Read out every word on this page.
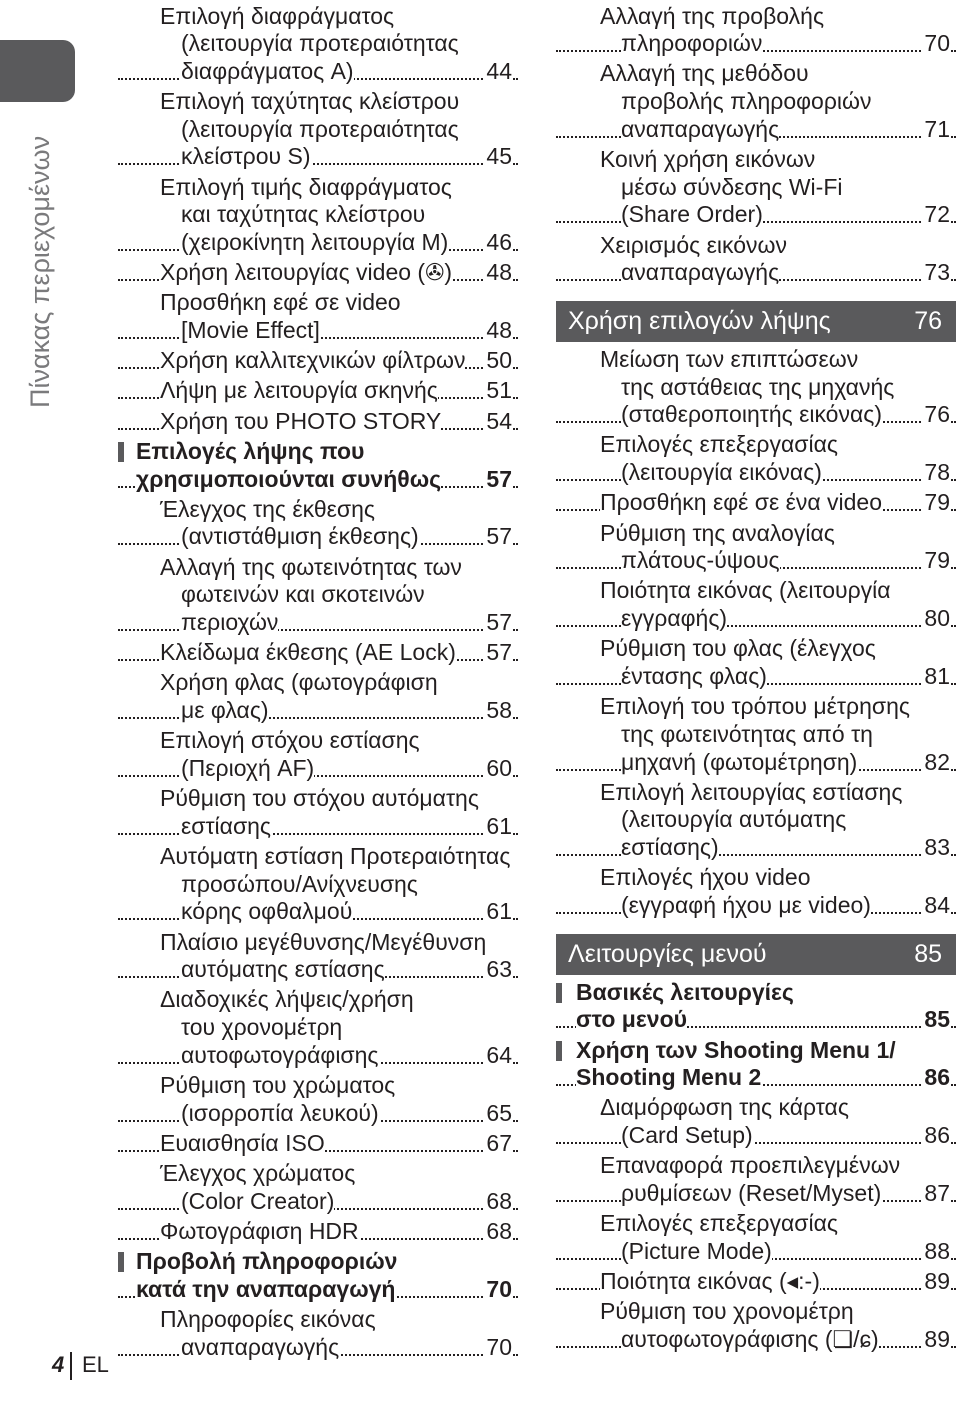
Πίνακας περιεχομένων
Επιλογή διαφράγματος
(λειτουργία προτεραιότητας
διαφράγματος A)	44
Επιλογή ταχύτητας κλείστρου
(λειτουργία προτεραιότητας
κλείστρου S)	45
Επιλογή τιμής διαφράγματος
και ταχύτητας κλείστρου
(χειροκίνητη λειτουργία M) 46
Χρήση λειτουργίας video (✇) 48
Προσθήκη εφέ σε video
[Movie Effect]	48
Χρήση καλλιτεχνικών φίλτρων 50
Λήψη με λειτουργία σκηνής 51
Χρήση του PHOTO STORY 54
Επιλογές λήψης που
χρησιμοποιούνται συνήθως 57
Έλεγχος της έκθεσης
(αντιστάθμιση έκθεσης)	57
Αλλαγή της φωτεινότητας των
φωτεινών και σκοτεινών
περιοχών	57
Κλείδωμα έκθεσης (AE Lock) 57
Χρήση φλας (φωτογράφιση
με φλας)	58
Επιλογή στόχου εστίασης
(Περιοχή AF)	60
Ρύθμιση του στόχου αυτόματης
εστίασης	61
Αυτόματη εστίαση Προτεραιότητας
προσώπου/Ανίχνευσης
κόρης οφθαλμού	61
Πλαίσιο μεγέθυνσης/Μεγέθυνση
αυτόματης εστίασης	63
Διαδοχικές λήψεις/χρήση
του χρονομέτρη
αυτοφωτογράφισης	64
Ρύθμιση του χρώματος
(ισορροπία λευκού)	65
Ευαισθησία ISO	67
Έλεγχος χρώματος
(Color Creator)	68
Φωτογράφιση HDR	68
Προβολή πληροφοριών
κατά την αναπαραγωγή	70
Πληροφορίες εικόνας
αναπαραγωγής	70
Αλλαγή της προβολής
πληροφοριών	70
Αλλαγή της μεθόδου
προβολής πληροφοριών
αναπαραγωγής	71
Κοινή χρήση εικόνων
μέσω σύνδεσης Wi-Fi
(Share Order)	72
Χειρισμός εικόνων
αναπαραγωγής	73
Χρήση επιλογών λήψης	76
Μείωση των επιπτώσεων
της αστάθειας της μηχανής
(σταθεροποιητής εικόνας) 76
Επιλογές επεξεργασίας
(λειτουργία εικόνας)	78
Προσθήκη εφέ σε ένα video 79
Ρύθμιση της αναλογίας
πλάτους-ύψους	79
Ποιότητα εικόνας (λειτουργία
εγγραφής)	80
Ρύθμιση του φλας (έλεγχος
έντασης φλας)	81
Επιλογή του τρόπου μέτρησης
της φωτεινότητας από τη
μηχανή (φωτομέτρηση)	82
Επιλογή λειτουργίας εστίασης
(λειτουργία αυτόματης
εστίασης)	83
Επιλογές ήχου video
(εγγραφή ήχου με video) 84
Λειτουργίες μενού	85
Βασικές λειτουργίες
στο μενού	85
Χρήση των Shooting Menu 1/
Shooting Menu 2	86
Διαμόρφωση της κάρτας
(Card Setup)	86
Επαναφορά προεπιλεγμένων
ρυθμίσεων (Reset/Myset) 87
Επιλογές επεξεργασίας
(Picture Mode)	88
Ποιότητα εικόνας (◂:-)	89
Ρύθμιση του χρονομέτρη
αυτοφωτογράφισης (❏/ɕ) 89
4 EL
